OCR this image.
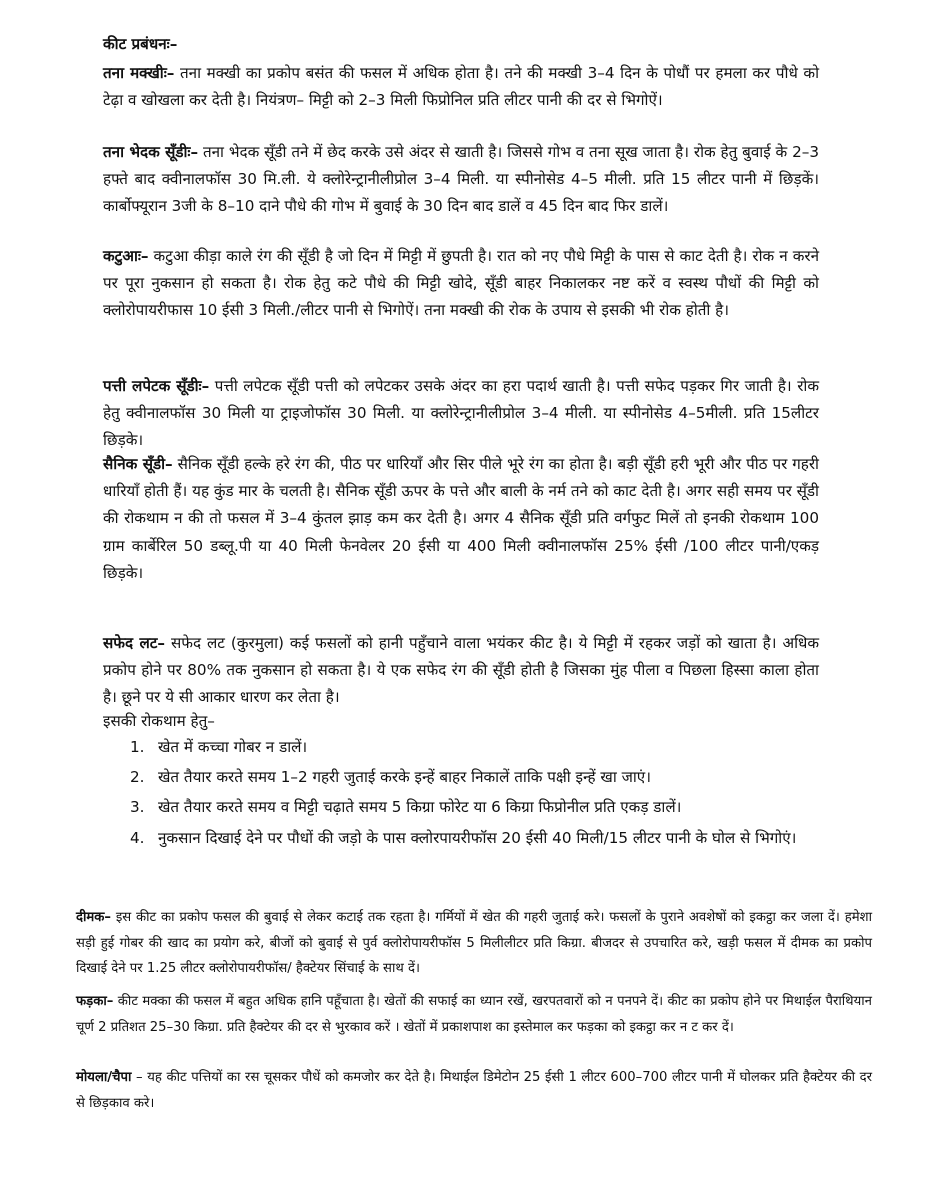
कीट प्रबंधनः–

तना मक्खीः– तना मक्खी का प्रकोप बसंत की फसल में अधिक होता है। तने की मक्खी 3–4 दिन के पोधौं पर हमला कर पौधे को टेढ़ा व खोखला कर देती है। नियंत्रण– मिट्टी को 2–3 मिली फिप्रोनिल प्रति लीटर पानी की दर से भिगोऐं।

तना भेदक सूँडीः– तना भेदक सूँडी तने में छेद करके उसे अंदर से खाती है। जिससे गोभ व तना सूख जाता है। रोक हेतु बुवाई के 2–3 हफ्ते बाद क्वीनालफॉस 30 मि.ली. ये क्लोरेन्ट्रानीलीप्रोल 3–4 मिली. या स्पीनोसेड 4–5 मीली. प्रति 15 लीटर पानी में छिड़कें। कार्बोफ्यूरान 3जी के 8–10 दाने पौधे की गोभ में बुवाई के 30 दिन बाद डालें व 45 दिन बाद फिर डालें।

कटुआः– कटुआ कीड़ा काले रंग की सूँडी है जो दिन में मिट्टी में छुपती है। रात को नए पौधे मिट्टी के पास से काट देती है। रोक न करने पर पूरा नुकसान हो सकता है। रोक हेतु कटे पौधे की मिट्टी खोदे, सूँडी बाहर निकालकर नष्ट करें व स्वस्थ पौधों की मिट्टी को क्लोरोपायरीफास 10 ईसी 3 मिली./लीटर पानी से भिगोऐं। तना मक्खी की रोक के उपाय से इसकी भी रोक होती है।

पत्ती लपेटक सूँडीः– पत्ती लपेटक सूँडी पत्ती को लपेटकर उसके अंदर का हरा पदार्थ खाती है। पत्ती सफेद पड़कर गिर जाती है। रोक हेतु क्वीनालफॉस 30 मिली या ट्राइजोफॉस 30 मिली. या क्लोरेन्ट्रानीलीप्रोल 3–4 मीली. या स्पीनोसेड 4–5मीली. प्रति 15लीटर छिड़के।

सैनिक सूँडी– सैनिक सूँडी हल्के हरे रंग की, पीठ पर धारियाँ और सिर पीले भूरे रंग का होता है। बड़ी सूँडी हरी भूरी और पीठ पर गहरी धारियाँ होती हैं। यह कुंड मार के चलती है। सैनिक सूँडी ऊपर के पत्ते और बाली के नर्म तने को काट देती है। अगर सही समय पर सूँडी की रोकथाम न की तो फसल में 3–4 कुंतल झाड़ कम कर देती है। अगर 4 सैनिक सूँडी प्रति वर्गफुट मिलें तो इनकी रोकथाम 100 ग्राम कार्बेरिल 50 डब्लू.पी या 40 मिली फेनवेलर 20 ईसी या 400 मिली क्वीनालफॉस 25% ईसी /100 लीटर पानी/एकड़ छिड़के।

सफेद लट– सफेद लट (कुरमुला) कई फसलों को हानी पहुँचाने वाला भयंकर कीट है। ये मिट्टी में रहकर जड़ों को खाता है। अधिक प्रकोप होने पर 80% तक नुकसान हो सकता है। ये एक सफेद रंग की सूँडी होती है जिसका मुंह पीला व पिछला हिस्सा काला होता है। छूने पर ये सी आकार धारण कर लेता है।

इसकी रोकथाम हेतु–

1. खेत में कच्चा गोबर न डालें।
2. खेत तैयार करते समय 1–2 गहरी जुताई करके इन्हें बाहर निकालें ताकि पक्षी इन्हें खा जाएं।
3. खेत तैयार करते समय व मिट्टी चढ़ाते समय 5 किग्रा फोरेट या 6 किग्रा फिप्रोनील प्रति एकड़ डालें।
4. नुकसान दिखाई देने पर पौधों की जड़ो के पास क्लोरपायरीफॉस 20 ईसी 40 मिली/15 लीटर पानी के घोल से भिगोएं।

दीमक– इस कीट का प्रकोप फसल की बुवाई से लेकर कटाई तक रहता है। गर्मियों में खेत की गहरी जुताई करे। फसलों के पुराने अवशेषों को इकट्ठा कर जला दें। हमेशा सड़ी हुई गोबर की खाद का प्रयोग करे, बीजों को बुवाई से पुर्व क्लोरोपायरीफॉस 5 मिलीलीटर प्रति किग्रा. बीजदर से उपचारित करे, खड़ी फसल में दीमक का प्रकोप दिखाई देने पर 1.25 लीटर क्लोरोपायरीफॉस/ हैक्टेयर सिंचाई के साथ दें।

फड़का– कीट मक्का की फसल में बहुत अधिक हानि पहूँचाता है। खेतों की सफाई का ध्यान रखें, खरपतवारों को न पनपने दें। कीट का प्रकोप होने पर मिथाईल पैराथियान चूर्ण 2 प्रतिशत 25–30 किग्रा. प्रति हैक्टेयर की दर से भुरकाव करें । खेतों में प्रकाशपाश का इस्तेमाल कर फड़का को इकट्ठा कर न ट कर दें।

मोयला/चैपा – यह कीट पत्तियों का रस चूसकर पौधें को कमजोर कर देते है। मिथाईल डिमेटोन 25 ईसी 1 लीटर 600–700 लीटर पानी में घोलकर प्रति हैक्टेयर की दर से छिड़काव करे।
